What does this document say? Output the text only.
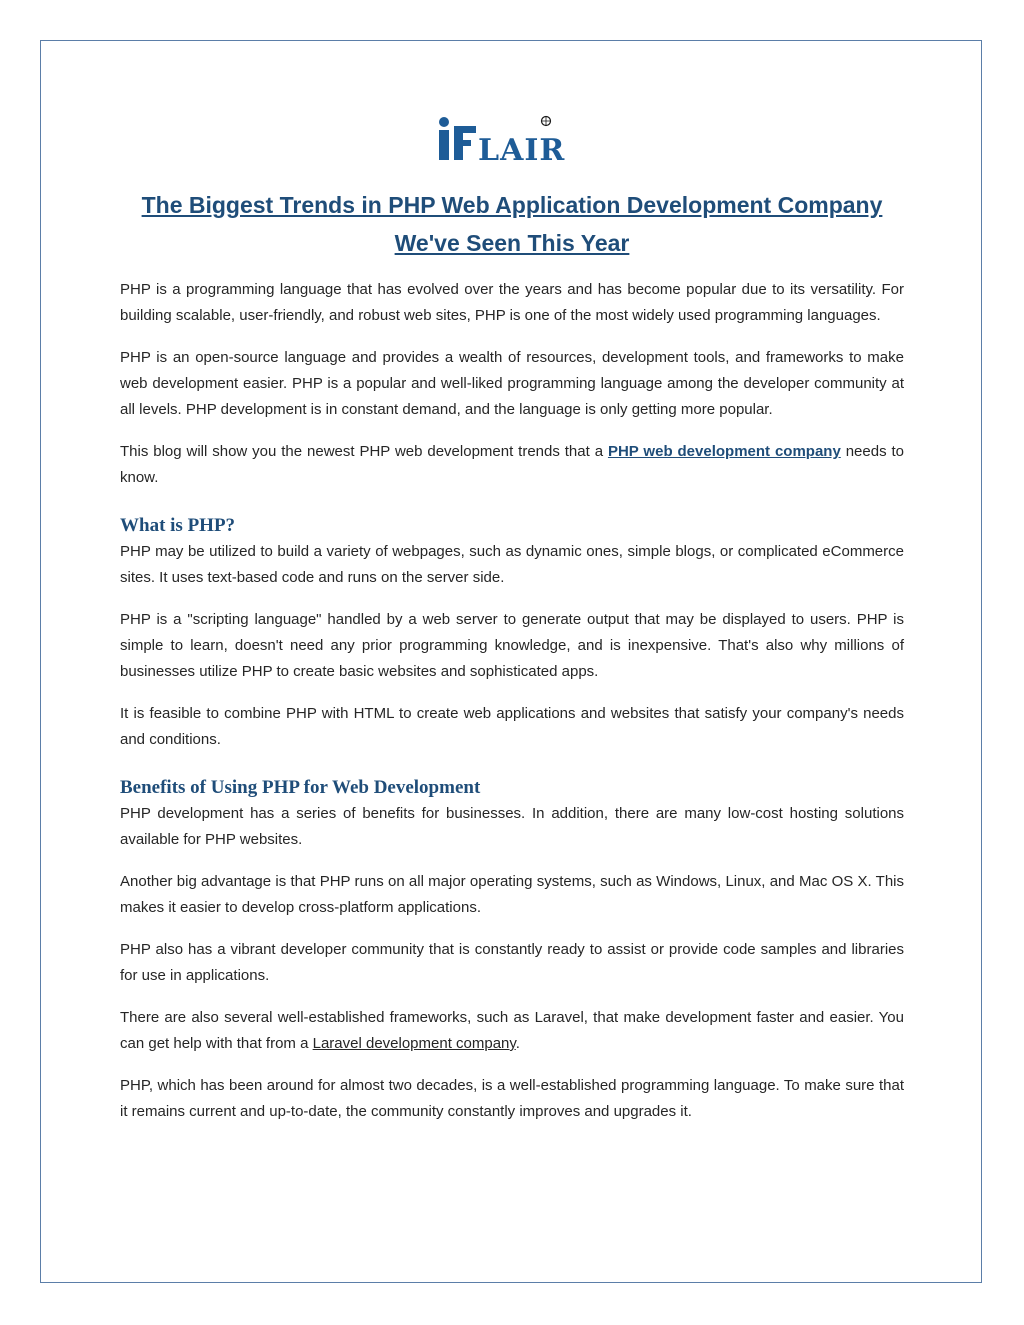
LAIR
The Biggest Trends in PHP Web Application Development Company We've Seen This Year

PHP is a programming language that has evolved over the years and has become popular due to its versatility. For building scalable, user-friendly, and robust web sites, PHP is one of the most widely used programming languages.

PHP is an open-source language and provides a wealth of resources, development tools, and frameworks to make web development easier. PHP is a popular and well-liked programming language among the developer community at all levels. PHP development is in constant demand, and the language is only getting more popular.

This blog will show you the newest PHP web development trends that a PHP web development company needs to know.

What is PHP?

PHP may be utilized to build a variety of webpages, such as dynamic ones, simple blogs, or complicated eCommerce sites. It uses text-based code and runs on the server side.

PHP is a "scripting language" handled by a web server to generate output that may be displayed to users. PHP is simple to learn, doesn't need any prior programming knowledge, and is inexpensive. That's also why millions of businesses utilize PHP to create basic websites and sophisticated apps.

It is feasible to combine PHP with HTML to create web applications and websites that satisfy your company's needs and conditions.

Benefits of Using PHP for Web Development

PHP development has a series of benefits for businesses. In addition, there are many low-cost hosting solutions available for PHP websites.

Another big advantage is that PHP runs on all major operating systems, such as Windows, Linux, and Mac OS X. This makes it easier to develop cross-platform applications.

PHP also has a vibrant developer community that is constantly ready to assist or provide code samples and libraries for use in applications.

There are also several well-established frameworks, such as Laravel, that make development faster and easier. You can get help with that from a Laravel development company.

PHP, which has been around for almost two decades, is a well-established programming language. To make sure that it remains current and up-to-date, the community constantly improves and upgrades it.
